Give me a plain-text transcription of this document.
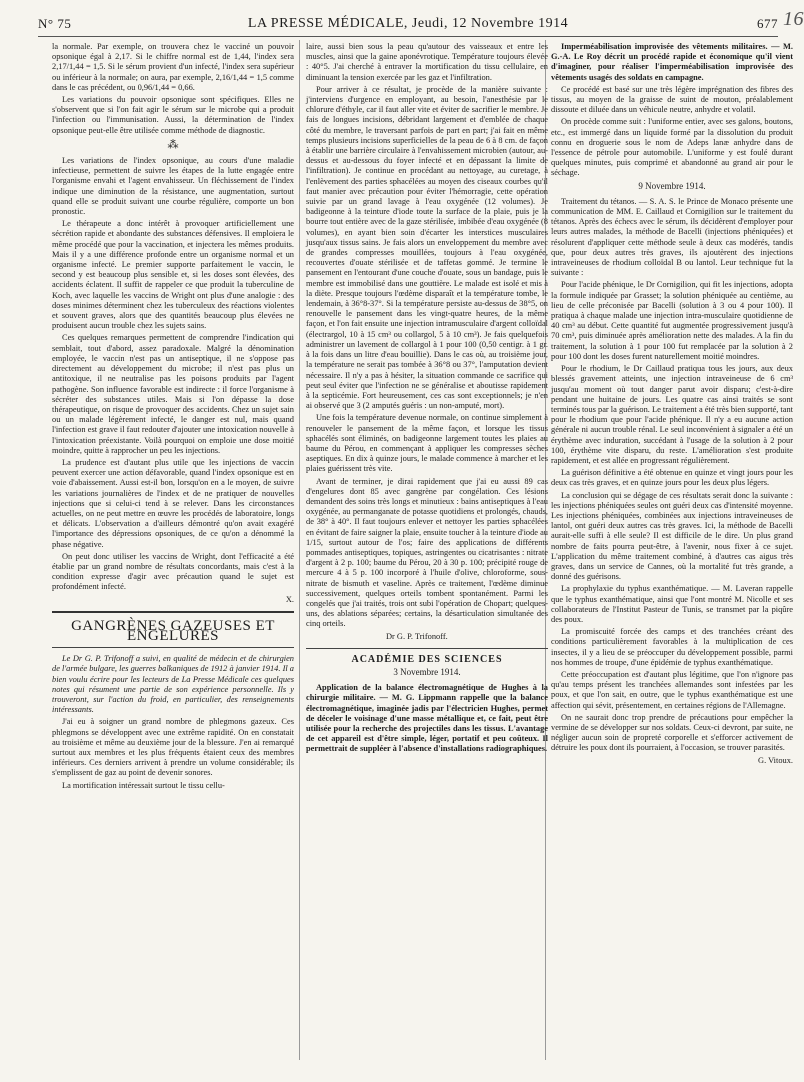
N° 75	LA PRESSE MÉDICALE, Jeudi, 12 Novembre 1914	677 16

la normale. Par exemple, on trouvera chez le vacciné un pouvoir opsonique égal à 2,17. Si le chiffre normal est de 1,44, l'index sera 2,17/1,44 = 1,5. Si le sérum provient d'un infecté, l'index sera supérieur ou inférieur à la normale; on aura, par exemple, 2,16/1,44 = 1,5 comme dans le cas précédent, ou 0,96/1,44 = 0,66.

Les variations du pouvoir opsonique sont spécifiques. Elles ne s'observent que si l'on fait agir le sérum sur le microbe qui a produit l'infection ou l'immunisation. Aussi, la détermination de l'index opsonique peut-elle être utilisée comme méthode de diagnostic.

⁂

Les variations de l'index opsonique, au cours d'une maladie infectieuse, permettent de suivre les étapes de la lutte engagée entre l'organisme envahi et l'agent envahisseur. Un fléchissement de l'index indique une diminution de la résistance, une augmentation, surtout quand elle se produit suivant une courbe régulière, comporte un bon pronostic.

Le thérapeute a donc intérêt à provoquer artificiellement une sécrétion rapide et abondante des substances défensives. Il emploiera le même procédé que pour la vaccination, et injectera les mêmes produits. Mais il y a une différence profonde entre un organisme normal et un organisme infecté. Le premier supporte parfaitement le vaccin, le second y est beaucoup plus sensible et, si les doses sont élevées, des accidents éclatent. Il suffit de rappeler ce que produit la tuberculine de Koch, avec laquelle les vaccins de Wright ont plus d'une analogie : des doses minimes déterminent chez les tuberculeux des réactions violentes et souvent graves, alors que des quantités beaucoup plus élevées ne produisent aucun trouble chez les sujets sains.

Ces quelques remarques permettent de comprendre l'indication qui semblait, tout d'abord, assez paradoxale. Malgré la dénomination employée, le vaccin n'est pas un antiseptique, il ne s'oppose pas directement au développement du microbe; il n'est pas plus un antitoxique, il ne neutralise pas les poisons produits par l'agent pathogène. Son influence favorable est indirecte : il force l'organisme à sécréter des substances utiles. Mais si l'on dépasse la dose thérapeutique, on risque de provoquer des accidents. Chez un sujet sain ou un malade légèrement infecté, le danger est nul, mais quand l'infection est grave il faut redouter d'ajouter une intoxication nouvelle à l'intoxication préexistante. Voilà pourquoi on emploie une dose moitié moindre, quitte à rapprocher un peu les injections.

La prudence est d'autant plus utile que les injections de vaccin peuvent exercer une action défavorable, quand l'index opsonique est en voie d'abaissement. Aussi est-il bon, lorsqu'on en a le moyen, de suivre les variations journalières de l'index et de ne pratiquer de nouvelles injections que si celui-ci tend à se relever. Dans les circonstances actuelles, on ne peut mettre en œuvre les procédés de laboratoire, longs et délicats. L'observation a d'ailleurs démontré qu'on avait exagéré l'importance des dépressions opsoniques, de ce qu'on a dénommé la phase négative.

On peut donc utiliser les vaccins de Wright, dont l'efficacité a été établie par un grand nombre de résultats concordants, mais c'est à la condition expresse d'agir avec précaution quand le sujet est profondément infecté.

X.
GANGRÈNES GAZEUSES ET ENGELURES

Le Dr G. P. Trifonoff a suivi, en qualité de médecin et de chirurgien de l'armée bulgare, les guerres balkaniques de 1912 à janvier 1914. Il a bien voulu écrire pour les lecteurs de La Presse Médicale ces quelques notes qui résument une partie de son expérience personnelle. Ils y trouveront, sur l'action du froid, en particulier, des renseignements intéressants.

J'ai eu à soigner un grand nombre de phlegmons gazeux. Ces phlegmons se développent avec une extrême rapidité. On en constatait au troisième et même au deuxième jour de la blessure. J'en ai remarqué surtout aux membres et les plus fréquents étaient ceux des membres inférieurs. Ces derniers arrivent à prendre un volume considérable; ils s'emplissent de gaz au point de devenir sonores.

La mortification intéressait surtout le tissu cellu-

laire, aussi bien sous la peau qu'autour des vaisseaux et entre les muscles, ainsi que la gaine aponévrotique. Température toujours élevée : 40°5. J'ai cherché à entraver la mortification du tissu cellulaire, en diminuant la tension exercée par les gaz et l'infiltration.

Pour arriver à ce résultat, je procède de la manière suivante : j'interviens d'urgence en employant, au besoin, l'anesthésie par le chlorure d'éthyle, car il faut aller vite et éviter de sacrifier le membre. Je fais de longues incisions, débridant largement et d'emblée de chaque côté du membre, le traversant parfois de part en part; j'ai fait en même temps plusieurs incisions superficielles de la peau de 6 à 8 cm. de façon à établir une barrière circulaire à l'envahissement microbien (autour, au-dessus et au-dessous du foyer infecté et en dépassant la limite de l'infiltration). Je continue en procédant au nettoyage, au curetage, à l'enlèvement des parties sphacélées au moyen des ciseaux courbes qu'il faut manier avec précaution pour éviter l'hémorragie, cette opération suivie par un grand lavage à l'eau oxygénée (12 volumes). Je badigeonne à la teinture d'iode toute la surface de la plaie, puis je la bourre tout entière avec de la gaze stérilisée, imbibée d'eau oxygénée (8 volumes), en ayant bien soin d'écarter les interstices musculaires jusqu'aux tissus sains. Je fais alors un enveloppement du membre avec de grandes compresses mouillées, toujours à l'eau oxygénée, recouvertes d'ouate stérilisée et de taffetas gommé. Je termine le pansement en l'entourant d'une couche d'ouate, sous un bandage, puis le membre est immobilisé dans une gouttière. Le malade est isolé et mis à la diète. Presque toujours l'œdème disparaît et la température tombe, le lendemain, à 36°8-37°. Si la température persiste au-dessus de 38°5, on renouvelle le pansement dans les vingt-quatre heures, de la même façon, et l'on fait ensuite une injection intramusculaire d'argent colloïdal (électrargol, 10 à 15 cm³ ou collargol, 5 à 10 cm³). Je fais quelquefois administrer un lavement de collargol à 1 pour 100 (0,50 centigr. à 1 gr. à la fois dans un litre d'eau bouillie). Dans le cas où, au troisième jour, la température ne serait pas tombée à 36°8 ou 37°, l'amputation devient nécessaire. Il n'y a pas à hésiter, la situation commande ce sacrifice qui peut seul éviter que l'infection ne se généralise et aboutisse rapidement à la septicémie. Fort heureusement, ces cas sont exceptionnels; je n'en ai observé que 3 (2 amputés guéris : un non-amputé, mort).

Une fois la température devenue normale, on continue simplement à renouveler le pansement de la même façon, et lorsque les tissus sphacélés sont éliminés, on badigeonne largement toutes les plaies au baume du Pérou, en commençant à appliquer les compresses sèches aseptiques. En dix à quinze jours, le malade commence à marcher et les plaies guérissent très vite.

Avant de terminer, je dirai rapidement que j'ai eu aussi 89 cas d'engelures dont 85 avec gangrène par congélation. Ces lésions demandent des soins très longs et minutieux : bains antiseptiques à l'eau oxygénée, au permanganate de potasse quotidiens et prolongés, chauds, de 38° à 40°. Il faut toujours enlever et nettoyer les parties sphacélées en évitant de faire saigner la plaie, ensuite toucher à la teinture d'iode au 1/15, surtout autour de l'os; faire des applications de différents pommades antiseptiques, topiques, astringentes ou cicatrisantes : nitrate d'argent à 2 p. 100; baume du Pérou, 20 à 30 p. 100; précipité rouge de mercure 4 à 5 p. 100 incorporé à l'huile d'olive, chloroforme, sous-nitrate de bismuth et vaseline. Après ce traitement, l'œdème diminue successivement, quelques orteils tombent spontanément. Parmi les congelés que j'ai traités, trois ont subi l'opération de Chopart; quelques-uns, des ablations séparées; certains, la désarticulation simultanée des cinq orteils.

Dr G. P. Trifonoff.
ACADÉMIE DES SCIENCES
3 Novembre 1914.

Application de la balance électromagnétique de Hughes à la chirurgie militaire. — M. G. Lippmann rappelle que la balance électromagnétique, imaginée jadis par l'électricien Hughes, permet de déceler le voisinage d'une masse métallique et, ce fait, peut être utilisée pour la recherche des projectiles dans les tissus. L'avantage de cet appareil est d'être simple, léger, portatif et peu coûteux. Il permettrait de suppléer à l'absence d'installations radiographiques.

Imperméabilisation improvisée des vêtements militaires. — M. G.-A. Le Roy décrit un procédé rapide et économique qu'il vient d'imaginer, pour réaliser l'imperméabilisation improvisée des vêtements usagés des soldats en campagne.

Ce procédé est basé sur une très légère imprégnation des fibres des tissus, au moyen de la graisse de suint de mouton, préalablement dissoute et diluée dans un véhicule neutre, anhydre et volatil.

On procède comme suit : l'uniforme entier, avec ses galons, boutons, etc., est immergé dans un liquide formé par la dissolution du produit connu en droguerie sous le nom de Adeps lanæ anhydre dans de l'essence de pétrole pour automobile. L'uniforme y est foulé durant quelques minutes, puis comprimé et abandonné au grand air pour le séchage.

9 Novembre 1914.

Traitement du tétanos. — S. A. S. le Prince de Monaco présente une communication de MM. E. Caillaud et Cornigilion sur le traitement du tétanos. Après des échecs avec le sérum, ils décidèrent d'employer pour leurs autres malades, la méthode de Bacelli (injections phéniquées) et résolurent d'appliquer cette méthode seule à deux cas modérés, tandis que, pour deux autres très graves, ils ajoutèrent des injections intraveineuses de rhodium colloïdal B ou lantol. Leur technique fut la suivante :

Pour l'acide phénique, le Dr Cornigilion, qui fit les injections, adopta la formule indiquée par Grasset; la solution phéniquée au centième, au lieu de celle préconisée par Bacelli (solution à 3 ou 4 pour 100). Il pratiqua à chaque malade une injection intra-musculaire quotidienne de 40 cm³ au début. Cette quantité fut augmentée progressivement jusqu'à 70 cm³, puis diminuée après amélioration nette des malades. A la fin du traitement, la solution à 1 pour 100 fut remplacée par la solution à 2 pour 100 dont les doses furent naturellement moitié moindres.

Pour le rhodium, le Dr Caillaud pratiqua tous les jours, aux deux blessés gravement atteints, une injection intraveineuse de 6 cm³ jusqu'au moment où tout danger parut avoir disparu; c'est-à-dire pendant une huitaine de jours. Les quatre cas ainsi traités se sont terminés tous par la guérison. Le traitement a été très bien supporté, tant pour le rhodium que pour l'acide phénique. Il n'y a eu aucune action générale ni aucun trouble rénal. Le seul inconvénient à signaler a été un érythème avec induration, succédant à l'usage de la solution à 2 pour 100, érythème vite disparu, du reste. L'amélioration s'est produite rapidement, et est allée en progressant régulièrement.

La guérison définitive a été obtenue en quinze et vingt jours pour les deux cas très graves, et en quinze jours pour les deux plus légers.

La conclusion qui se dégage de ces résultats serait donc la suivante : les injections phéniquées seules ont guéri deux cas d'intensité moyenne. Les injections phéniquées, combinées aux injections intraveineuses de lantol, ont guéri deux autres cas très graves. Ici, la méthode de Bacelli aurait-elle suffi à elle seule? Il est difficile de le dire. Un plus grand nombre de faits pourra peut-être, à l'avenir, nous fixer à ce sujet. L'application du même traitement combiné, à d'autres cas aigus très graves, dans un service de Cannes, où la mortalité fut très grande, a donné des guérisons.

La prophylaxie du typhus exanthématique. — M. Laveran rappelle que le typhus exanthématique, ainsi que l'ont montré M. Nicolle et ses collaborateurs de l'Institut Pasteur de Tunis, se transmet par la piqûre des poux.

La promiscuité forcée des camps et des tranchées créant des conditions particulièrement favorables à la multiplication de ces insectes, il y a lieu de se préoccuper du développement possible, parmi nos hommes de troupe, d'une épidémie de typhus exanthématique.

Cette préoccupation est d'autant plus légitime, que l'on n'ignore pas qu'au temps présent les tranchées allemandes sont infestées par les poux, et que l'on sait, en outre, que le typhus exanthématique est une affection qui sévit, présentement, en certaines régions de l'Allemagne.

On ne saurait donc trop prendre de précautions pour empêcher la vermine de se développer sur nos soldats. Ceux-ci devront, par suite, ne négliger aucun soin de propreté corporelle et s'efforcer activement de détruire les poux dont ils pourraient, à l'occasion, se trouver parasités.

G. Vitoux.
